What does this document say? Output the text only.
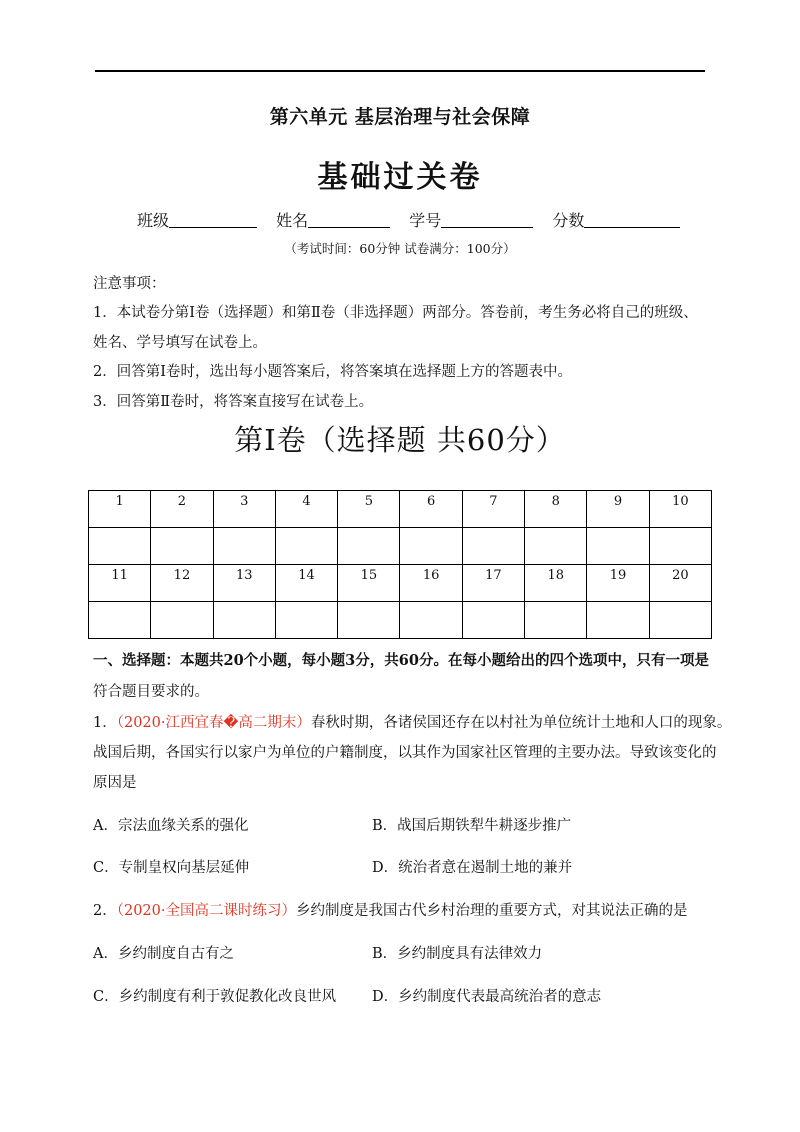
第六单元 基层治理与社会保障
基础过关卷
班级	姓名	学号	分数
（考试时间：60分钟 试卷满分：100分）
注意事项：
1．本试卷分第Ⅰ卷（选择题）和第Ⅱ卷（非选择题）两部分。答卷前，考生务必将自己的班级、
姓名、学号填写在试卷上。
2．回答第Ⅰ卷时，选出每小题答案后，将答案填在选择题上方的答题表中。
3．回答第Ⅱ卷时，将答案直接写在试卷上。
第Ⅰ卷（选择题 共60分）
1	2	3	4	5	6	7	8	9	10

11	12	13	14	15	16	17	18	19	20

一、选择题：本题共20个小题，每小题3分，共60分。在每小题给出的四个选项中，只有一项是
符合题目要求的。
1．（2020·江西宜春�高二期末）春秋时期，各诸侯国还存在以村社为单位统计土地和人口的现象。
战国后期，各国实行以家户为单位的户籍制度，以其作为国家社区管理的主要办法。导致该变化的
原因是
A．宗法血缘关系的强化	B．战国后期铁犁牛耕逐步推广
C．专制皇权向基层延伸	D．统治者意在遏制土地的兼并
2．（2020·全国高二课时练习）乡约制度是我国古代乡村治理的重要方式，对其说法正确的是
A．乡约制度自古有之	B．乡约制度具有法律效力
C．乡约制度有利于敦促教化改良世风 D．乡约制度代表最高统治者的意志
